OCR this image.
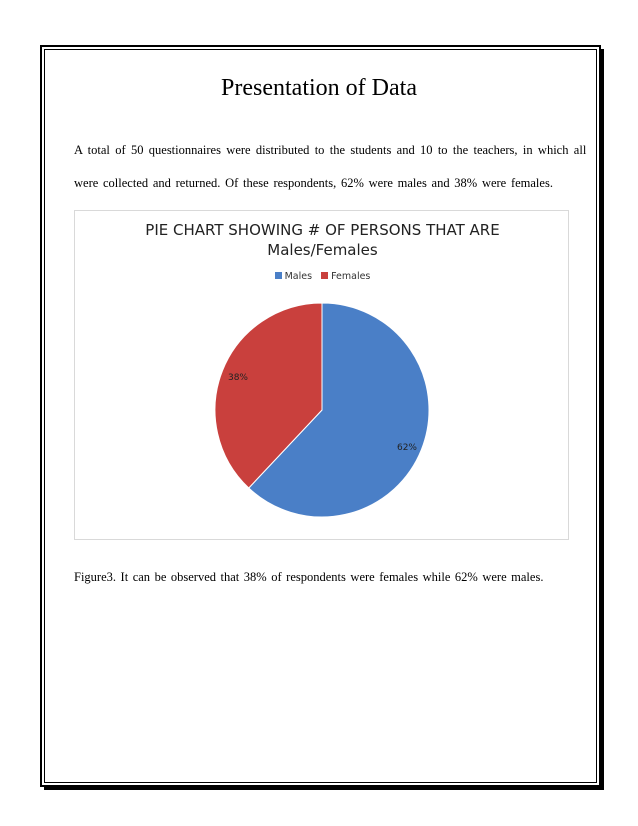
Presentation of Data
A total of 50 questionnaires were distributed to the students and 10 to the teachers, in which all
were collected and returned. Of these respondents, 62% were males and 38% were females.
PIE CHART SHOWING # OF PERSONS THAT ARE
Males/Females
Males Females
62%
38%
Figure3. It can be observed that 38% of respondents were females while 62% were males.
